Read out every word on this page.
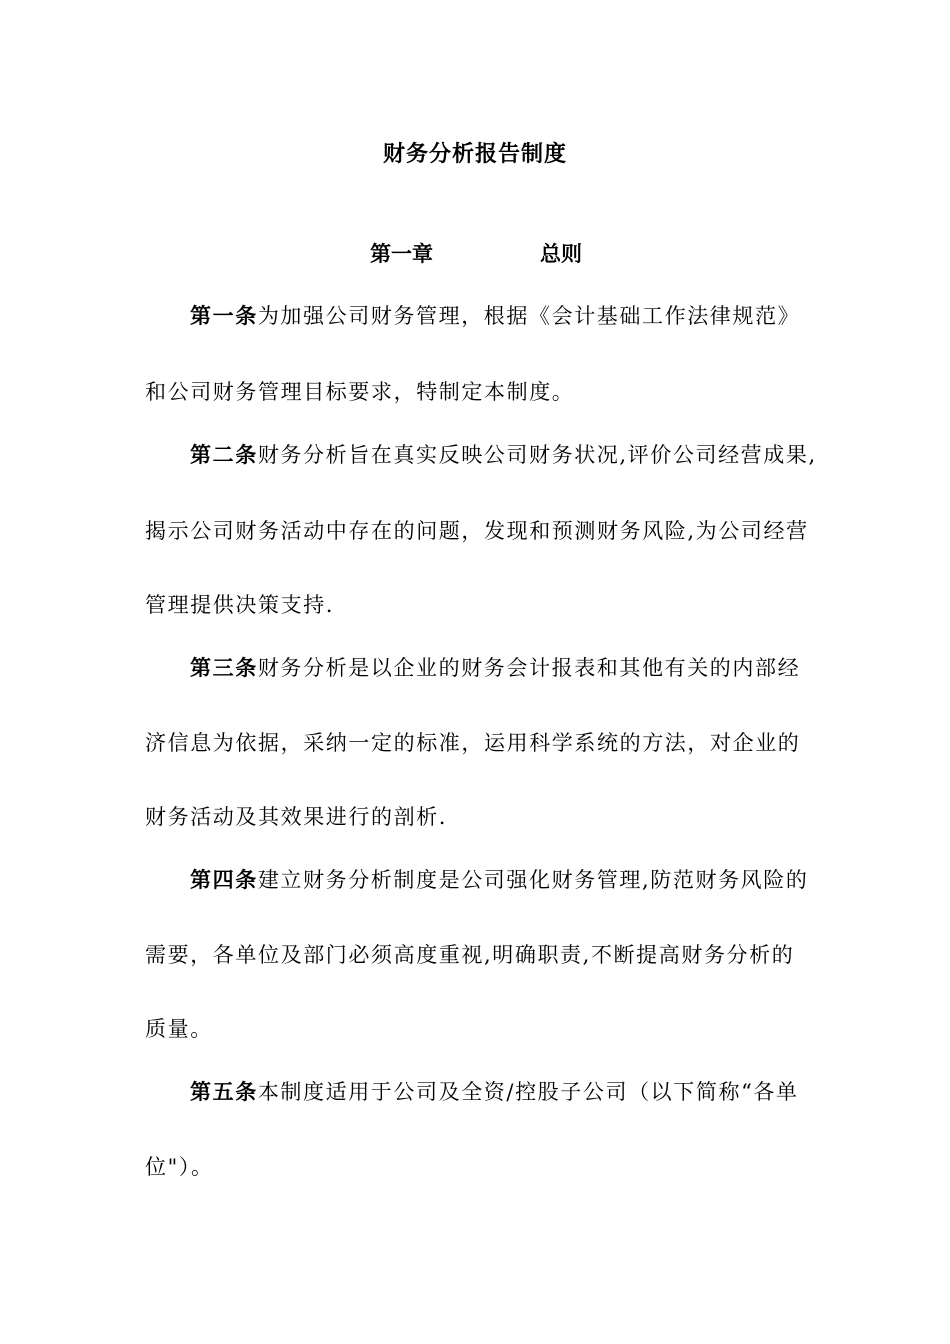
财务分析报告制度
第一章	总则
第一条为加强公司财务管理，根据《会计基础工作法律规范》
和公司财务管理目标要求，特制定本制度。
第二条财务分析旨在真实反映公司财务状况,评价公司经营成果,
揭示公司财务活动中存在的问题，发现和预测财务风险,为公司经营
管理提供决策支持.
第三条财务分析是以企业的财务会计报表和其他有关的内部经
济信息为依据，采纳一定的标准，运用科学系统的方法，对企业的
财务活动及其效果进行的剖析.
第四条建立财务分析制度是公司强化财务管理,防范财务风险的
需要，各单位及部门必须高度重视,明确职责,不断提高财务分析的
质量。
第五条本制度适用于公司及全资/控股子公司（以下简称“各单
位"）。
